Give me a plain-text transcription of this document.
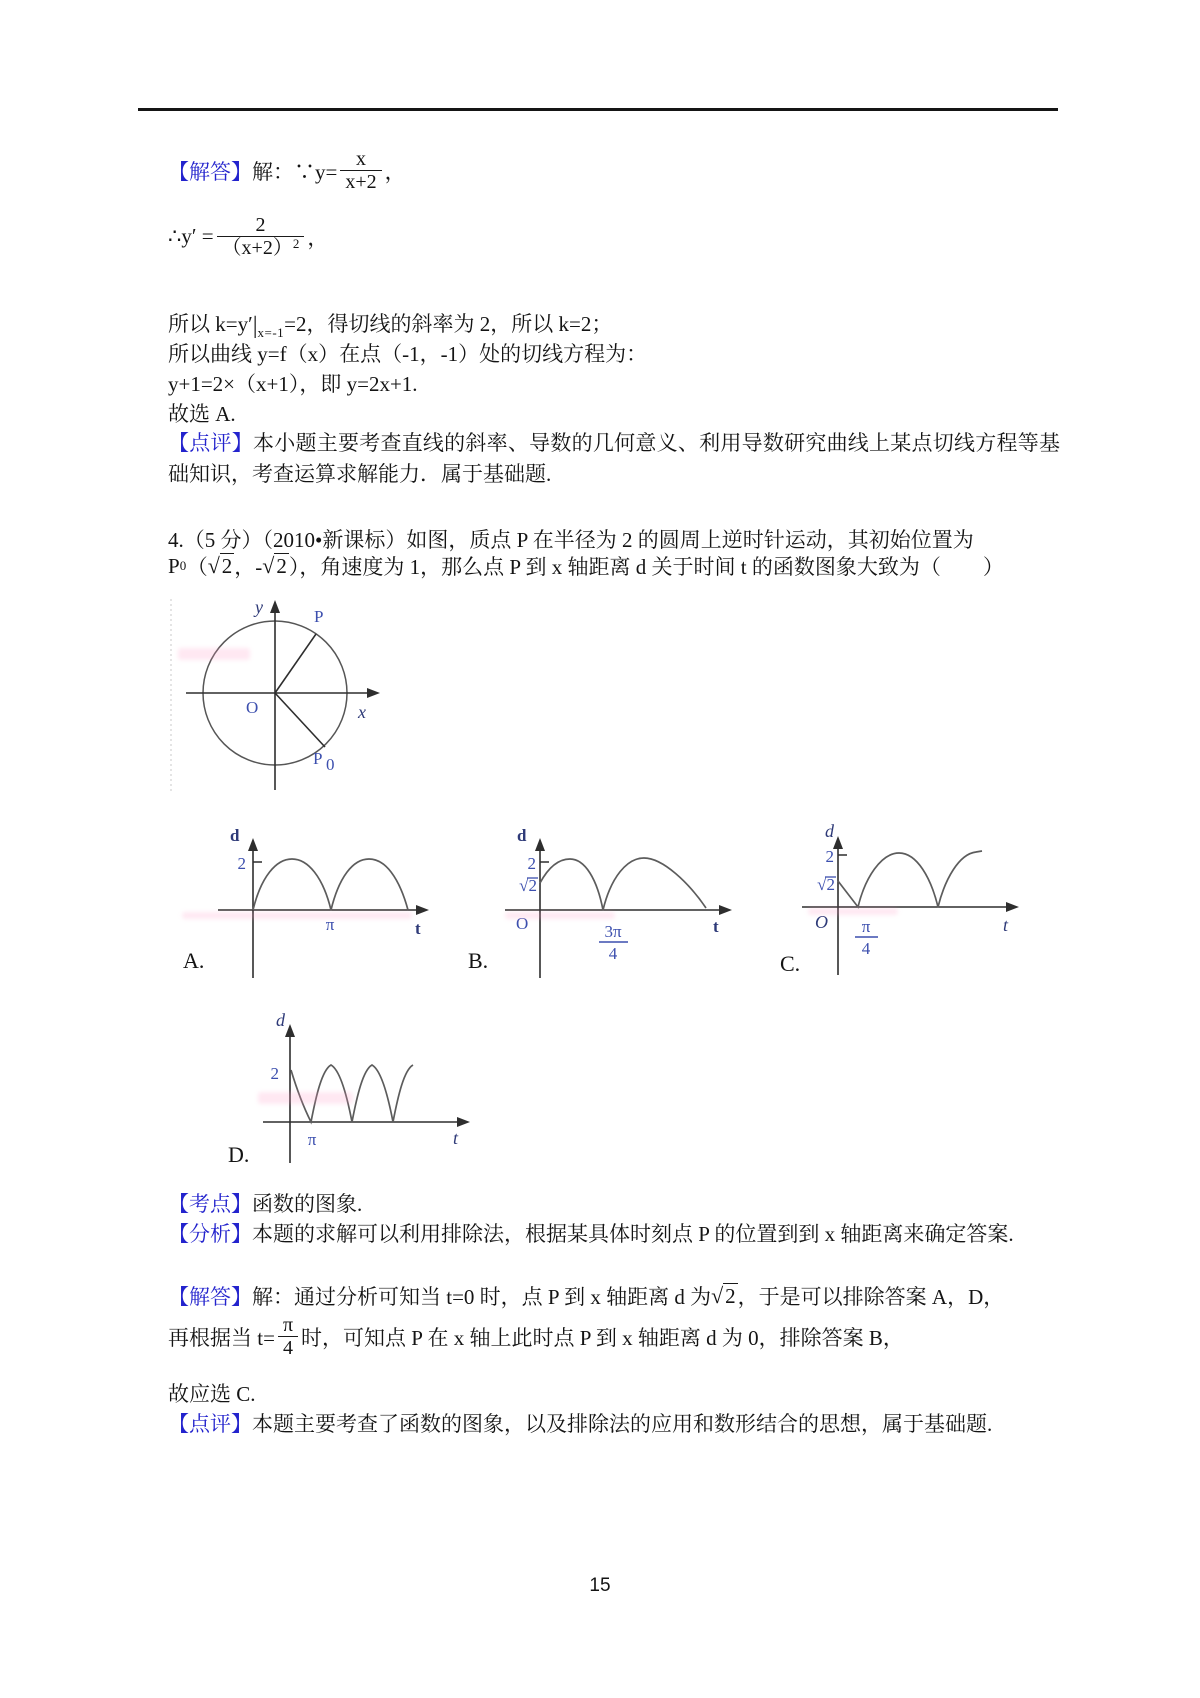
【解答】 解：∵y= $\frac{x}{x+2}$ ，
∴y′ = $\frac{2}{(x+2)^2}$ ，
所以 $k=y'|_{x=-1}=2$，得切线的斜率为 2，所以 k=2；
所以曲线 y=f（x）在点（-1，-1）处的切线方程为：
y+1=2×（x+1），即 y=2x+1.
故选 A.
【点评】本小题主要考查直线的斜率、导数的几何意义、利用导数研究曲线上某点切线方程等基础知识，考查运算求解能力．属于基础题.
4.（5 分）（2010•新课标）如图，质点 P 在半径为 2 的圆周上逆时针运动，其初始位置为
P 0 （ √ 2 ，- √ 2 ），角速度为 1，那么点 P 到 x 轴距离 d 关于时间 t 的函数图象大致为（　　）
y	P
O	x
P 0
d
2
π	t
A.
d
2
√2
O	3π
4
t
B.
d
2
√2
O π
4
t
C.
d
2
π	t
D.
【考点】函数的图象.
【分析】本题的求解可以利用排除法，根据某具体时刻点 P 的位置到到 x 轴距离来确定答案.
【解答】 解：通过分析可知当 t=0 时，点 P 到 x 轴距离 d 为 √ 2 ，于是可以排除答案 A，D，
再根据当 $t= \frac{\pi}{4}$ 时，可知点 P 在 x 轴上此时点 P 到 x 轴距离 d 为 0，排除答案 B，
故应选 C.
【点评】本题主要考查了函数的图象，以及排除法的应用和数形结合的思想，属于基础题.
15
